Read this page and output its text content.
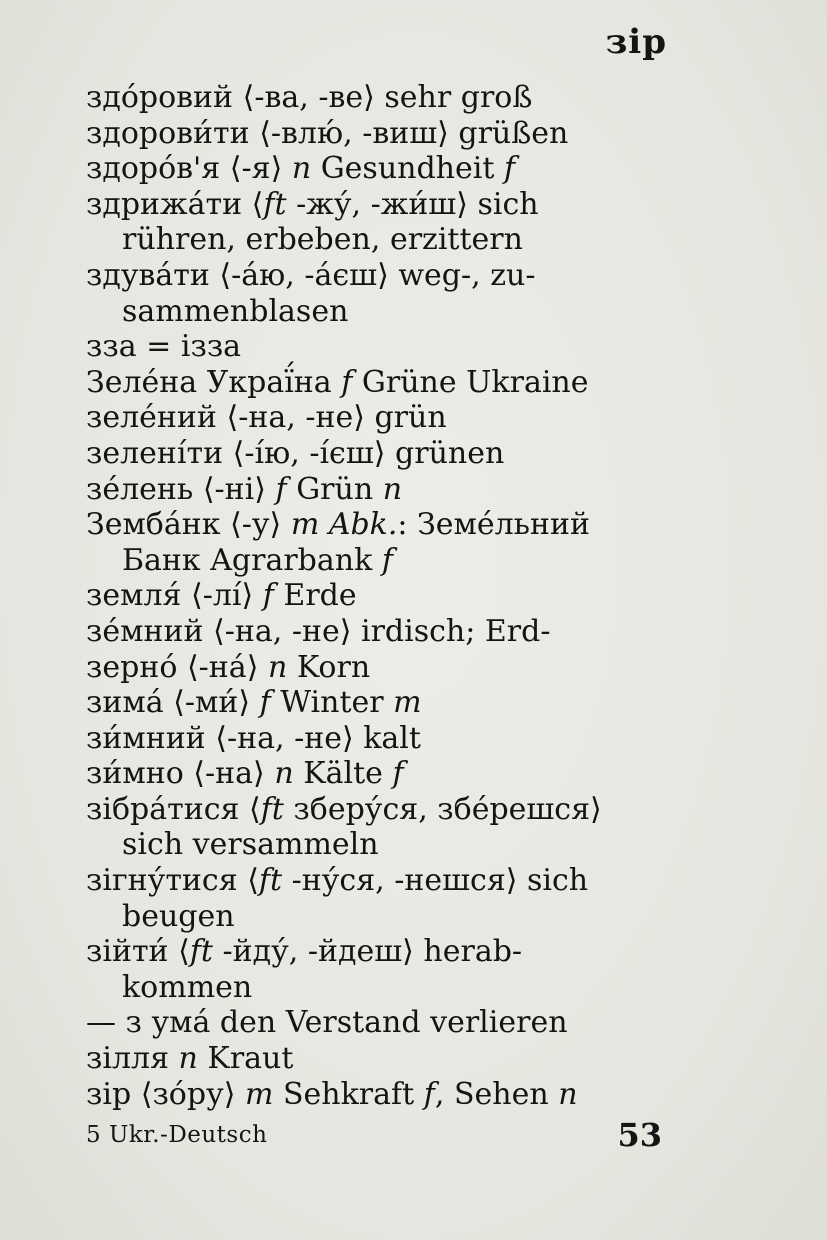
зір
здóровий ⟨-ва, -ве⟩ sehr groß
здорови́ти ⟨-влю́, -виш⟩ grüßen
здорóв'я ⟨-я⟩ n Gesundheit f
здрижáти ⟨ft -жу́, -жи́ш⟩ sich
rühren, erbeben, erzittern
здувáти ⟨-áю, -áєш⟩ weg-, zu-
sammenblasen
зза = ізза
Зелéна Украї́на f Grüne Ukraine
зелéний ⟨-на, -не⟩ grün
зеленíти ⟨-íю, -íєш⟩ grünen
зéлень ⟨-ні⟩ f Grün n
Зембáнк ⟨-у⟩ m Abk.: Земéльний
Банк Agrarbank f
земля́ ⟨-лí⟩ f Erde
зéмний ⟨-на, -не⟩ irdisch; Erd-
зернó ⟨-нá⟩ n Korn
зимá ⟨-ми́⟩ f Winter m
зи́мний ⟨-на, -не⟩ kalt
зи́мно ⟨-на⟩ n Kälte f
зібрáтися ⟨ft зберу́ся, збéрешся⟩
sich versammeln
зігну́тися ⟨ft -ну́ся, -нешся⟩ sich
beugen
зійти́ ⟨ft -йду́, -йдеш⟩ herab-
kommen
— з умá den Verstand verlieren
зілля n Kraut
зір ⟨зóру⟩ m Sehkraft f, Sehen n
5 Ukr.-Deutsch	53
